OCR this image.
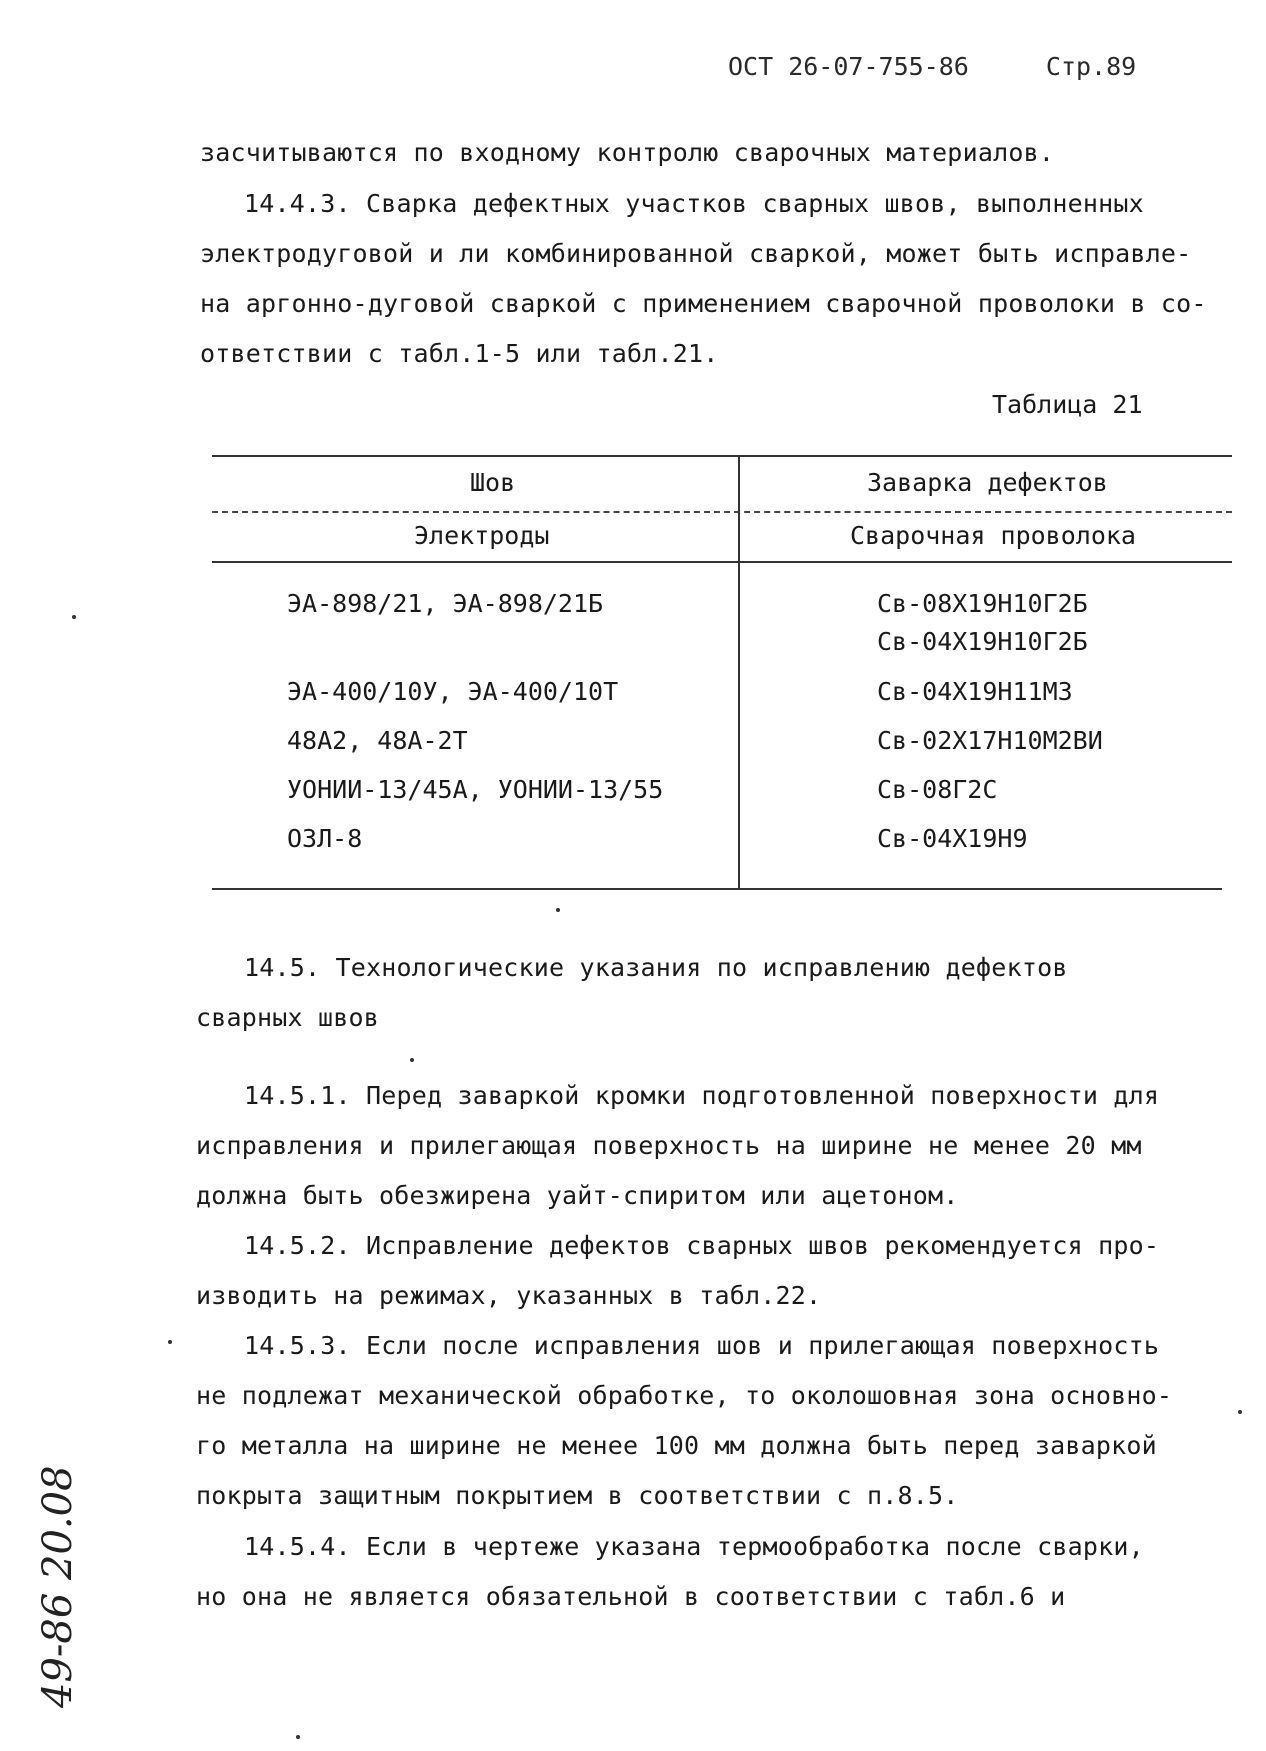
ОСТ 26-07-755-86	Стр.89
засчитываются по входному контролю сварочных материалов.
14.4.3. Сварка дефектных участков сварных швов, выполненных
электродуговой и ли комбинированной сваркой, может быть исправле-
на аргонно-дуговой сваркой с применением сварочной проволоки в со-
ответствии с табл.1-5 или табл.21.
Таблица 21
Шов	Заварка дефектов
Электроды	Сварочная проволока
ЭА-898/21, ЭА-898/21Б	Св-08Х19Н10Г2Б
Св-04Х19Н10Г2Б
ЭА-400/10У, ЭА-400/10Т	Св-04Х19Н11М3
48А2, 48А-2Т	Св-02Х17Н10М2ВИ
УОНИИ-13/45А, УОНИИ-13/55	Св-08Г2С
ОЗЛ-8	Св-04Х19Н9
14.5. Технологические указания по исправлению дефектов
сварных швов
14.5.1. Перед заваркой кромки подготовленной поверхности для
исправления и прилегающая поверхность на ширине не менее 20 мм
должна быть обезжирена уайт-спиритом или ацетоном.
14.5.2. Исправление дефектов сварных швов рекомендуется про-
изводить на режимах, указанных в табл.22.
14.5.3. Если после исправления шов и прилегающая поверхность
не подлежат механической обработке, то околошовная зона основно-
го металла на ширине не менее 100 мм должна быть перед заваркой
покрыта защитным покрытием в соответствии с п.8.5.
14.5.4. Если в чертеже указана термообработка после сварки,
но она не является обязательной в соответствии с табл.6 и
49-86 20.08
